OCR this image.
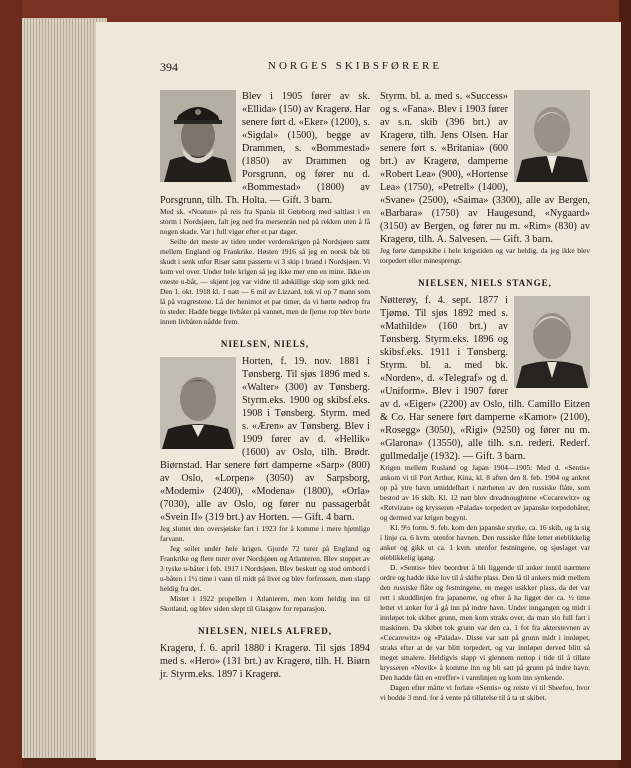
394	NORGES SKIBSFØRERE

Blev i 1905 fører av sk. «Ellida» (150) av Kragerø. Har senere ført d. «Eker» (1200), s. «Sigdal» (1500), begge av Drammen, s. «Bommestad» (1850) av Drammen og Porsgrunn, og fører nu d. «Bommestad» (1800) av Porsgrunn, tilh. Th. Holta. — Gift. 3 barn.

Med sk. «Noatun» på reis fra Spania til Gøteborg med saltlast i en storm i Nordsjøen, falt jeg ned fra mersenrån ned på rekken uten å få nogen skade. Var i full vigør efter et par dager.

Seilte det meste av tiden under verdenskrigen på Nordsjøen samt mellem England og Frankrike. Høsten 1916 så jeg en norsk båt bli skudt i senk utfor Risør samt passerte vi 3 skip i brand i Nordsjøen. Vi kom vel over. Under hele krigen så jeg ikke mer enn en mine. Ikke en eneste u-båt, — skjønt jeg var vidne til adskillige skip som gikk ned. Den 1. okt. 1918 kl. 1 natt — 6 mil av Lizzard, tok vi op 7 mann som lå på vragrestene. Lå der henimot et par timer, da vi hørte nødrop fra to steder. Hadde begge livbåter på vannet, men de fjerne rop blev borte innen livbåten nådde frem.

NIELSEN, NIELS,

Horten, f. 19. nov. 1881 i Tønsberg. Til sjøs 1896 med s. «Walter» (300) av Tønsberg. Styrm.eks. 1900 og skibsf.eks. 1908 i Tønsberg. Styrm. med s. «Æren» av Tønsberg. Blev i 1909 fører av d. «Hellik» (1600) av Oslo, tilh. Brødr. Biørnstad. Har senere ført damperne «Sarp» (800) av Oslo, «Lorpen» (3050) av Sarpsborg, «Modemi» (2400), «Modena» (1800), «Orla» (7030), alle av Oslo, og fører nu passagerbåt «Svein II» (319 brt.) av Horten. — Gift. 4 barn.

Jeg sluttet den oversjøiske fart i 1923 for å komme i mere hjemlige farvann.

Jeg seilet under hele krigen. Gjorde 72 turer på England og Frankrike og flere turer over Nordsjøen og Atlanteren. Blev stoppet av 3 tyske u-båter i feb. 1917 i Nordsjøen. Blev beskutt og stod ombord i u-båten i 1½ time i vann til midt på livet og blev forfrossen, men slapp heldig fra det.

Mistet i 1922 propellen i Atlanteren, men kom heldig inn til Skotland, og blev siden slept til Glasgow for reparasjon.

NIELSEN, NIELS ALFRED,

Kragerø, f. 6. april 1880 i Kragerø. Til sjøs 1894 med s. «Hero» (131 brt.) av Kragerø, tilh. H. Biørn jr. Styrm.eks. 1897 i Kragerø.

Styrm. bl. a. med s. «Success» og s. «Fana». Blev i 1903 fører av s.n. skib (396 brt.) av Kragerø, tilh. Jens Olsen. Har senere ført s. «Britania» (600 brt.) av Kragerø, damperne «Robert Lea» (900), «Hortense Lea» (1750), «Petrell» (1400), «Svane» (2500), «Saima» (3300), alle av Bergen, «Barbara» (1750) av Haugesund, «Nygaard» (3150) av Bergen, og fører nu m. «Rim» (830) av Kragerø, tilh. A. Salvesen. — Gift. 3 barn.

Jeg førte dampskibe i hele krigstiden og var heldig, da jeg ikke blev torpedert eller minesprengt.

NIELSEN, NIELS STANGE,

Nøtterøy, f. 4. sept. 1877 i Tjømø. Til sjøs 1892 med s. «Mathilde» (160 brt.) av Tønsberg. Styrm.eks. 1896 og skibsf.eks. 1911 i Tønsberg. Styrm. bl. a. med bk. «Norden», d. «Telegraf» og d. «Uniform». Blev i 1907 fører av d. «Eiger» (2200) av Oslo, tilh. Camillo Eitzen & Co. Har senere ført damperne «Kamor» (2100), «Rosegg» (3050), «Rigi» (9250) og fører nu m. «Glarona» (13550), alle tilh. s.n. rederi. Rederf. gullmedalje (1932). — Gift. 3 barn.

Krigen mellem Rusland og Japan 1904—1905: Med d. «Sentis» ankom vi til Port Arthur, Kina, kl. 8 aften den 8. feb. 1904 og ankret op på ytre havn umiddelbart i nærheten av den russiske flåte, som bestod av 16 skib. Kl. 12 natt blev dreadnoughtene «Cecarewitz» og «Retvizan» og krysseren «Palada» torpedert av japanske torpedobåter, og dermed var krigen begynt.

Kl. 9½ form. 9. feb. kom den japanske styrke, ca. 16 skib, og la sig i linje ca. 6 kvm. utenfor havnen. Den russiske flåte lettet øieblikkelig anker og gikk ut ca. 1 kvm. utenfor festningene, og sjøslaget var øieblikkelig igang.

D. «Sentis» blev beordret å bli liggende til anker inntil nærmere ordre og hadde ikke lov til å skifte plass. Den lå til ankers midt mellem den russiske flåte og festningene, en meget usikker plass, da det var rett i skuddlinjen fra japanerne, og efter å ha ligget der ca. ½ time lettet vi anker for å gå inn på indre havn. Under inngangen og midt i innløpet tok skibet grunn, men kom straks over, da man slo full fart i maskinen. Da skibet tok grunn var den ca. 1 fot fra akterstevnen av «Cecarewitz» og «Palada». Disse var satt på grunn midt i innløpet, straks efter at de var blitt torpedert, og var innløpet derved blitt så meget smalere. Heldigvis slapp vi glennem nettop i tide til å tillate krysseren «Novik» å komme inn og bli satt på grunn på indre havn. Den hadde fått en «treffer» i vannlinjen og kom inn synkende.

Dagen efter måtte vi forlate «Sentis» og reiste vi til Sheefoo, hvor vi bodde 3 mnd. for å vente på tillatelse til å ta ut skibet.
